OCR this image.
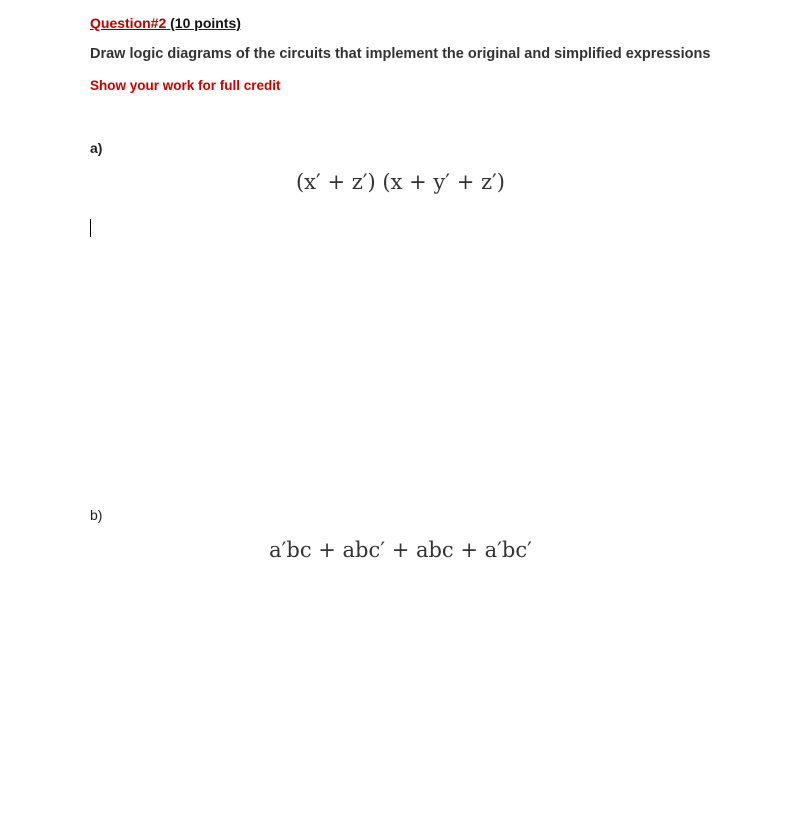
Question#2 (10 points)
Draw logic diagrams of the circuits that implement the original and simplified expressions
Show your work for full credit
a)
(x′ + z′) (x + y′ + z′)
b)
a′bc + abc′ + abc + a′bc′
